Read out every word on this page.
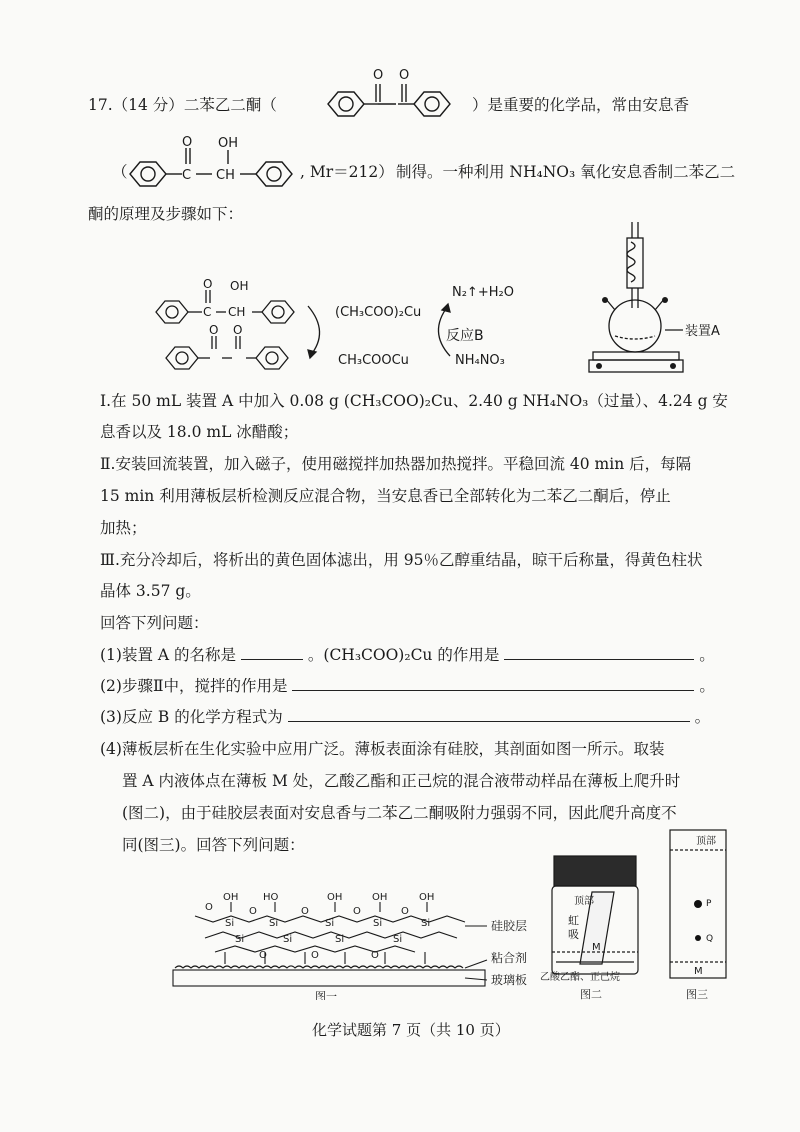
17.（14 分）二苯乙二酮（
O O
）是重要的化学品，常由安息香
（	C
O
CH
OH
, Mr＝212） 制得。一种利用 NH₄NO₃ 氧化安息香制二苯乙二
酮的原理及步骤如下：
C
O
CH
OH
O O
(CH₃COO)₂Cu
CH₃COOCu
N₂↑+H₂O
反应B
NH₄NO₃
装置A
Ⅰ.在 50 mL 装置 A 中加入 0.08 g (CH₃COO)₂Cu、2.40 g NH₄NO₃（过量）、4.24 g 安
息香以及 18.0 mL 冰醋酸；
Ⅱ.安装回流装置，加入磁子，使用磁搅拌加热器加热搅拌。平稳回流 40 min 后，每隔
15 min 利用薄板层析检测反应混合物，当安息香已全部转化为二苯乙二酮后，停止
加热；
Ⅲ.充分冷却后，将析出的黄色固体滤出，用 95％乙醇重结晶，晾干后称量，得黄色柱状
晶体 3.57 g。
回答下列问题：
(1)装置 A 的名称是	。(CH₃COO)₂Cu 的作用是	。
(2)步骤Ⅱ中，搅拌的作用是	。
(3)反应 B 的化学方程式为	。
(4)薄板层析在生化实验中应用广泛。薄板表面涂有硅胶，其剖面如图一所示。取装
置 A 内液体点在薄板 M 处，乙酸乙酯和正己烷的混合液带动样品在薄板上爬升时
(图二)，由于硅胶层表面对安息香与二苯乙二酮吸附力强弱不同，因此爬升高度不
同(图三)。回答下列问题：
OH HO	OH	OH	OH
Si	Si	Si	Si	Si
Si	Si	Si	Si
O	O	O	O	O
O	O	O
硅胶层
粘合剂
玻璃板
图一
顶部
虹
吸
M
乙酸乙酯、正己烷
图二
顶部
P
Q
M
图三
化学试题第 7 页（共 10 页）
